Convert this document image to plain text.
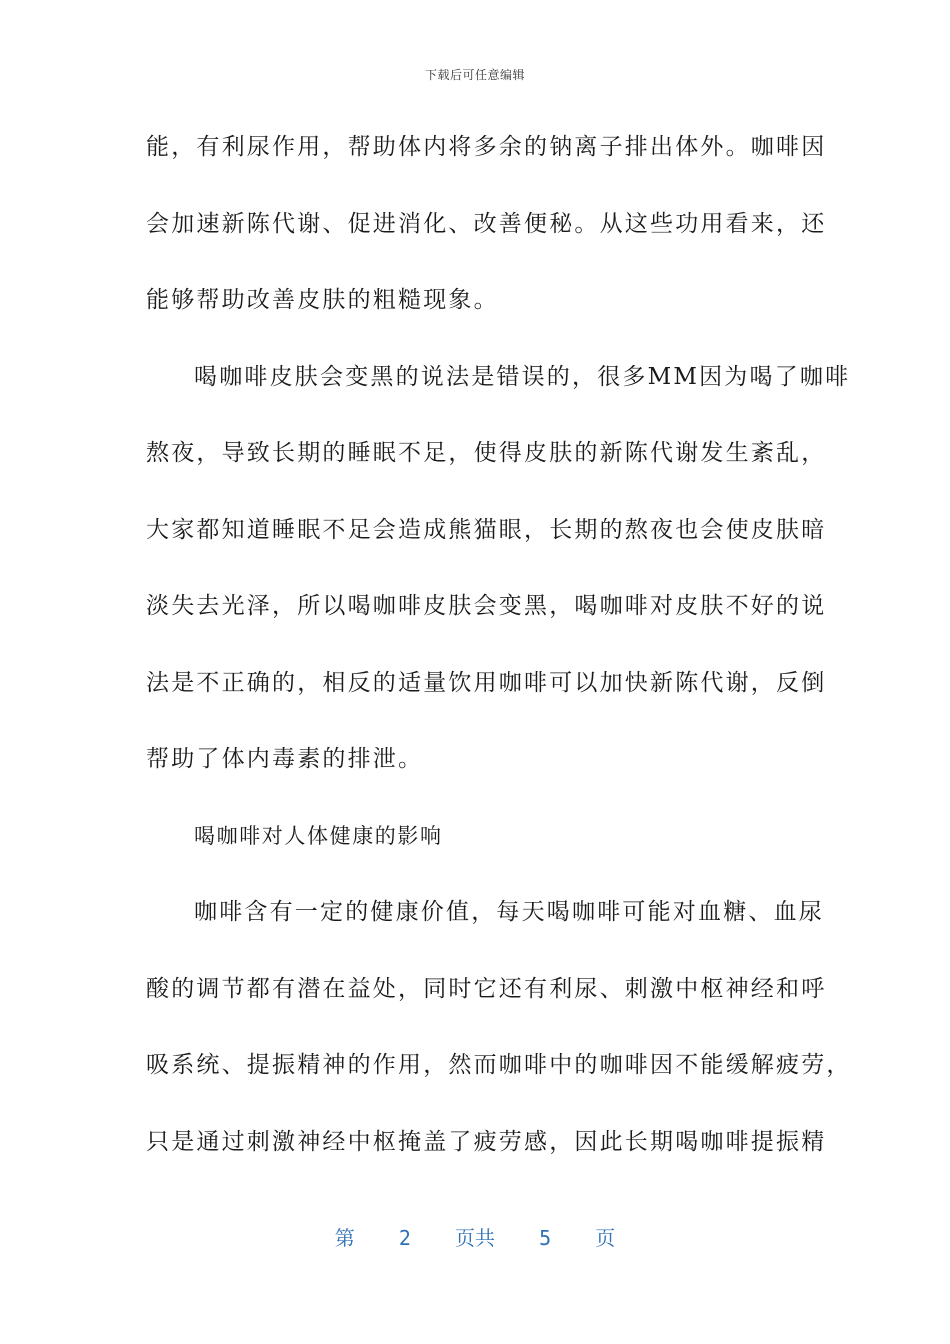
下载后可任意编辑
能，有利尿作用，帮助体内将多余的钠离子排出体外。咖啡因
会加速新陈代谢、促进消化、改善便秘。从这些功用看来，还
能够帮助改善皮肤的粗糙现象。
喝咖啡皮肤会变黑的说法是错误的，很多MM因为喝了咖啡
熬夜，导致长期的睡眠不足，使得皮肤的新陈代谢发生紊乱，
大家都知道睡眠不足会造成熊猫眼，长期的熬夜也会使皮肤暗
淡失去光泽，所以喝咖啡皮肤会变黑，喝咖啡对皮肤不好的说
法是不正确的，相反的适量饮用咖啡可以加快新陈代谢，反倒
帮助了体内毒素的排泄。
喝咖啡对人体健康的影响
咖啡含有一定的健康价值，每天喝咖啡可能对血糖、血尿
酸的调节都有潜在益处，同时它还有利尿、刺激中枢神经和呼
吸系统、提振精神的作用，然而咖啡中的咖啡因不能缓解疲劳，
只是通过刺激神经中枢掩盖了疲劳感，因此长期喝咖啡提振精
第 2 页共 5 页
